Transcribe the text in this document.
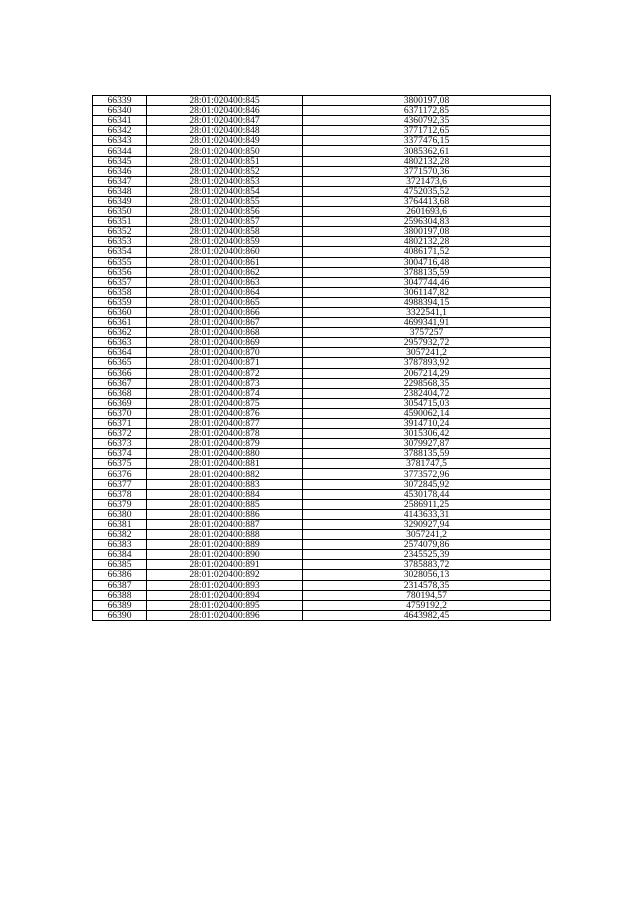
66339	28:01:020400:845	3800197,08
66340	28:01:020400:846	6371172,85
66341	28:01:020400:847	4360792,35
66342	28:01:020400:848	3771712,65
66343	28:01:020400:849	3377476,15
66344	28:01:020400:850	3085362,61
66345	28:01:020400:851	4802132,28
66346	28:01:020400:852	3771570,36
66347	28:01:020400:853	3721473,6
66348	28:01:020400:854	4752035,52
66349	28:01:020400:855	3764413,68
66350	28:01:020400:856	2601693,6
66351	28:01:020400:857	2596304,83
66352	28:01:020400:858	3800197,08
66353	28:01:020400:859	4802132,28
66354	28:01:020400:860	4086171,52
66355	28:01:020400:861	3004716,48
66356	28:01:020400:862	3788135,59
66357	28:01:020400:863	3047744,46
66358	28:01:020400:864	3061147,82
66359	28:01:020400:865	4988394,15
66360	28:01:020400:866	3322541,1
66361	28:01:020400:867	4699341,91
66362	28:01:020400:868	3757257
66363	28:01:020400:869	2957932,72
66364	28:01:020400:870	3057241,2
66365	28:01:020400:871	3787893,92
66366	28:01:020400:872	2067214,29
66367	28:01:020400:873	2298568,35
66368	28:01:020400:874	2382404,72
66369	28:01:020400:875	3054715,03
66370	28:01:020400:876	4590062,14
66371	28:01:020400:877	3914710,24
66372	28:01:020400:878	3015306,42
66373	28:01:020400:879	3079927,87
66374	28:01:020400:880	3788135,59
66375	28:01:020400:881	3781747,5
66376	28:01:020400:882	3773572,96
66377	28:01:020400:883	3072845,92
66378	28:01:020400:884	4530178,44
66379	28:01:020400:885	2586911,25
66380	28:01:020400:886	4143633,31
66381	28:01:020400:887	3290927,94
66382	28:01:020400:888	3057241,2
66383	28:01:020400:889	2574079,86
66384	28:01:020400:890	2345525,39
66385	28:01:020400:891	3785883,72
66386	28:01:020400:892	3028056,13
66387	28:01:020400:893	2314578,35
66388	28:01:020400:894	780194,57
66389	28:01:020400:895	4759192,2
66390	28:01:020400:896	4643982,45
